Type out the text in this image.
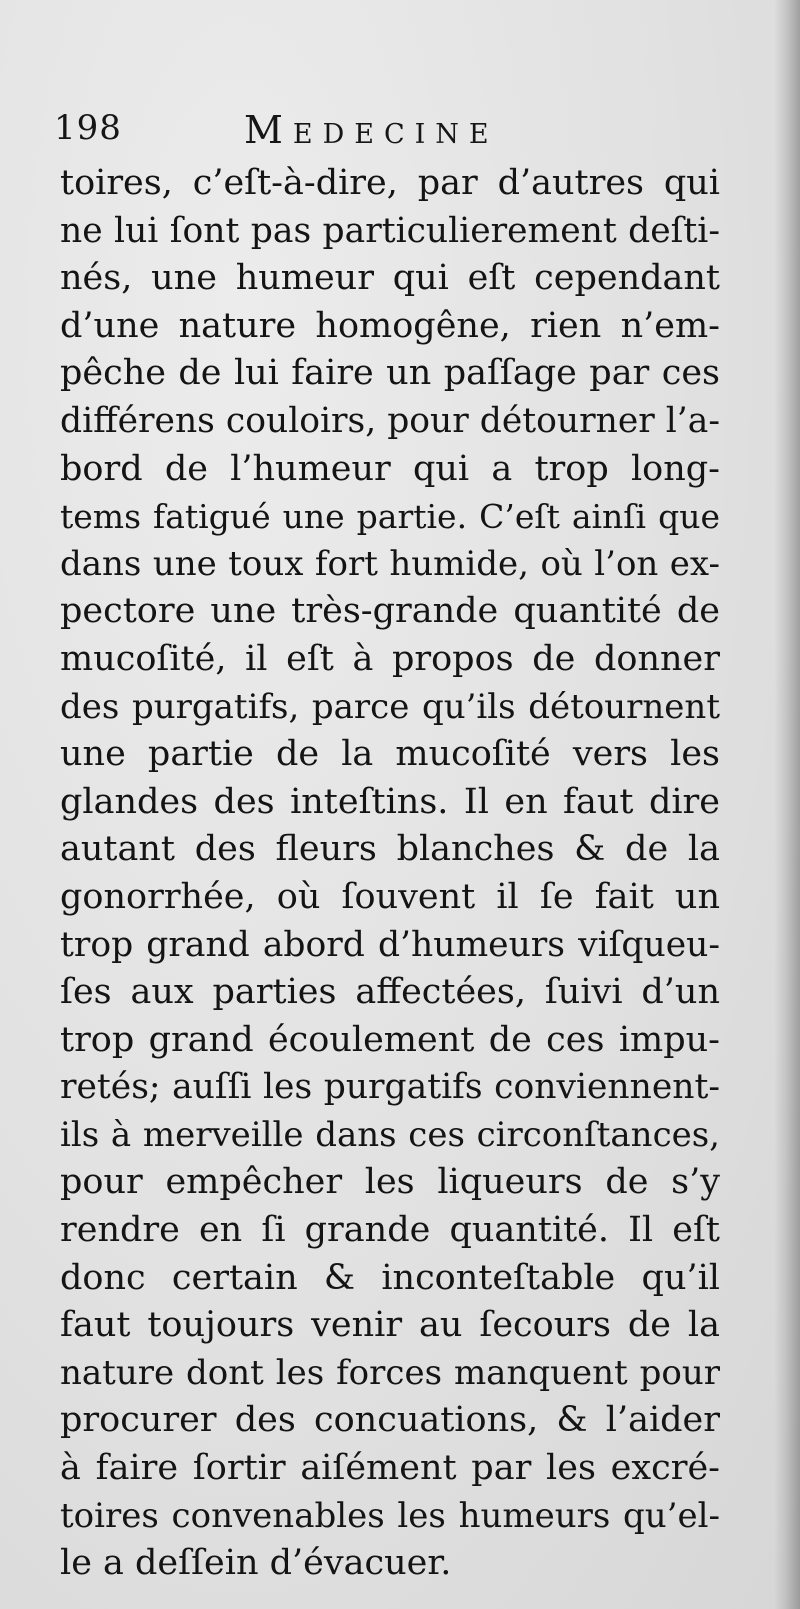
198	Medecine
toires, c’eſt-à-dire, par d’autres qui
ne lui ſont pas particulierement deſti-
nés, une humeur qui eſt cependant
d’une nature homogêne, rien n’em-
pêche de lui faire un paſſage par ces
différens couloirs, pour détourner l’a-
bord de l’humeur qui a trop long-
tems fatigué une partie. C’eſt ainſi que
dans une toux fort humide, où l’on ex-
pectore une très-grande quantité de
mucoſité, il eſt à propos de donner
des purgatifs, parce qu’ils détournent
une partie de la mucoſité vers les
glandes des inteſtins. Il en faut dire
autant des fleurs blanches & de la
gonorrhée, où ſouvent il ſe fait un
trop grand abord d’humeurs viſqueu-
ſes aux parties affectées, ſuivi d’un
trop grand écoulement de ces impu-
retés; auſſi les purgatifs conviennent-
ils à merveille dans ces circonſtances,
pour empêcher les liqueurs de s’y
rendre en ſi grande quantité. Il eſt
donc certain & inconteſtable qu’il
faut toujours venir au ſecours de la
nature dont les forces manquent pour
procurer des concuations, & l’aider
à faire ſortir aiſément par les excré-
toires convenables les humeurs qu’el-
le a deſſein d’évacuer.
